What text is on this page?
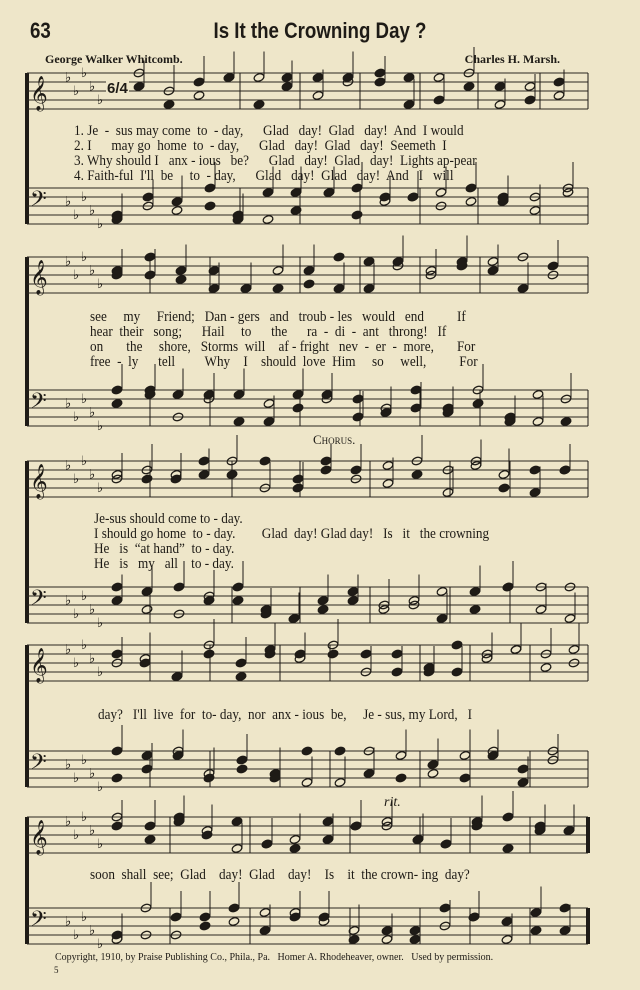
63	Is It the Crowning Day ?
George Walker Whitcomb.	Charles H. Marsh.
𝄞 ♭
♭
♭
♭
♭
𝄢 ♭
♭
♭
♭
♭
𝄞 ♭
♭
♭
♭
♭
𝄢 ♭
♭
♭
♭
♭
𝄞 ♭
♭
♭
♭
♭
𝄢 ♭
♭
♭
♭
♭
𝄞 ♭
♭
♭
♭
♭
𝄢 ♭
♭
♭
♭
♭
𝄞 ♭
♭
♭
♭
♭
𝄢 ♭
♭
♭
♭
♭
6/4
1. Je  -  sus may come  to  - day,      Glad   day!  Glad   day!  And  I would
2. I      may go  home  to  - day,      Glad   day!  Glad   day!  Seemeth  I
3. Why should I   anx - ious   be?      Glad   day!  Glad   day!  Lights ap-pear
4. Faith-ful  I'll  be     to  - day,      Glad   day!  Glad   day!  And   I   will
see     my     Friend;   Dan - gers   and   troub - les   would   end          If
hear  their   song;      Hail     to      the      ra  -  di  -  ant   throng!   If
on       the     shore,   Storms  will    af - fright   nev  -  er  -  more,       For
free  -  ly      tell         Why    I    should  love  Him     so     well,          For
Chorus.
Je-sus should come to - day.
I should go home  to - day.        Glad  day! Glad day!   Is   it   the crowning
He   is  “at hand”  to - day.
He   is   my   all    to - day.
day?   I'll  live  for  to- day,  nor  anx - ious  be,     Je - sus, my Lord,   I
rit.
soon  shall  see;  Glad    day!  Glad    day!    Is    it  the crown- ing  day?
Copyright, 1910, by Praise Publishing Co., Phila., Pa.   Homer A. Rhodeheaver, owner.   Used by permission.
5
